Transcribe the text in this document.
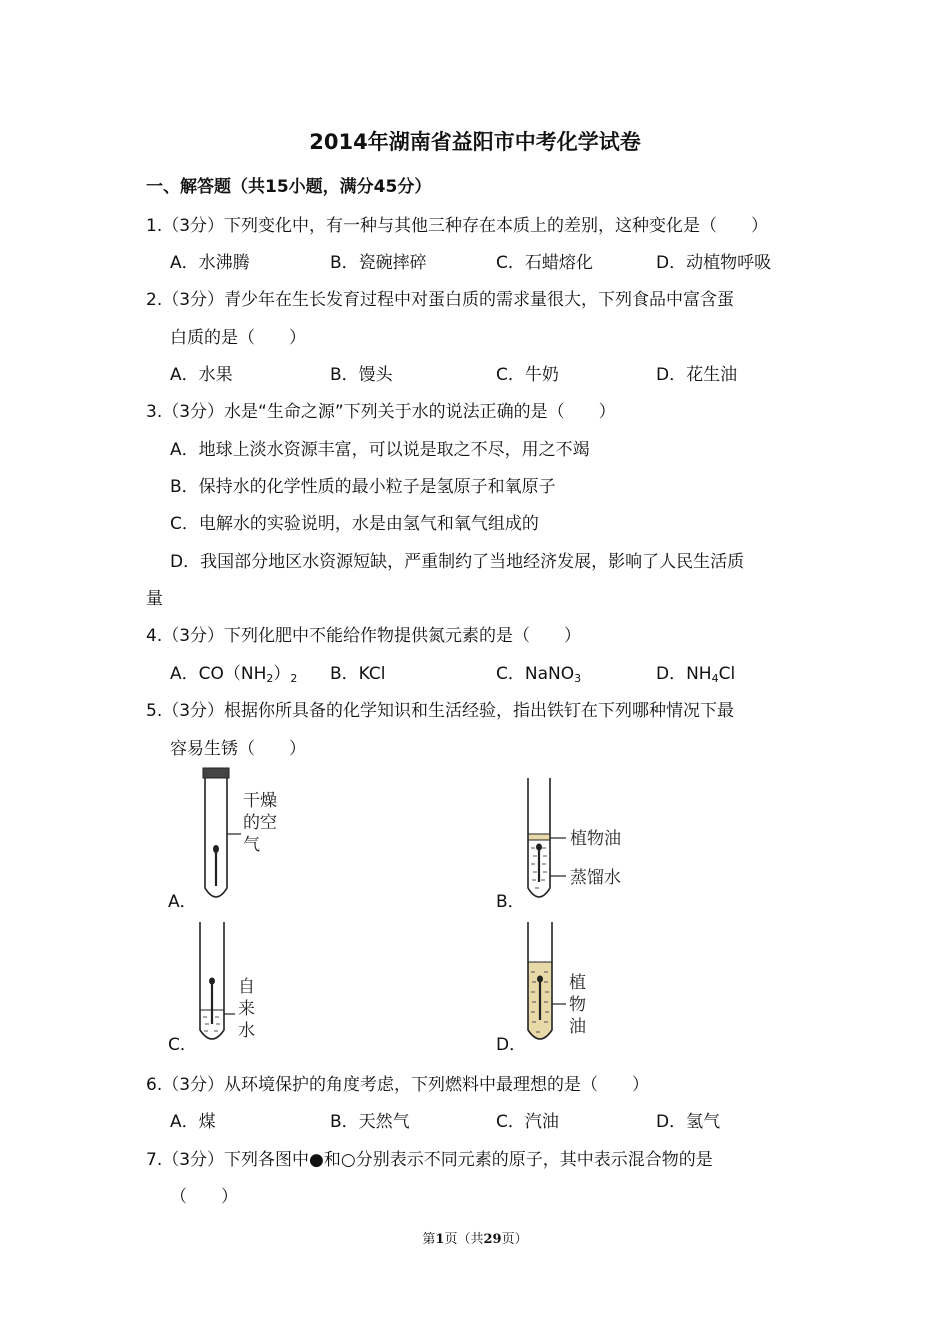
2014年湖南省益阳市中考化学试卷
一、解答题（共15小题，满分45分）
1.（3分）下列变化中，有一种与其他三种存在本质上的差别，这种变化是（　　）
A．水沸腾	B．瓷碗摔碎	C．石蜡熔化	D．动植物呼吸
2.（3分）青少年在生长发育过程中对蛋白质的需求量很大，下列食品中富含蛋
白质的是（　　）
A．水果	B．馒头	C．牛奶	D．花生油
3.（3分）水是“生命之源”下列关于水的说法正确的是（　　）
A．地球上淡水资源丰富，可以说是取之不尽，用之不竭
B．保持水的化学性质的最小粒子是氢原子和氧原子
C．电解水的实验说明，水是由氢气和氧气组成的
D．我国部分地区水资源短缺，严重制约了当地经济发展，影响了人民生活质
量
4.（3分）下列化肥中不能给作物提供氮元素的是（　　）
A．$CO(NH_2)_2$ B．KCl	C．NaNO$_3$	D．$NH_4Cl$
5.（3分）根据你所具备的化学知识和生活经验，指出铁钉在下列哪种情况下最
容易生锈（　　）
A．
干燥
的空
气
B．
植物油
蒸馏水
C．
自
来
水
D．
植
物
油
6.（3分）从环境保护的角度考虑，下列燃料中最理想的是（　　）
A．煤	B．天然气	C．汽油	D．氢气
7.（3分）下列各图中●和○分别表示不同元素的原子，其中表示混合物的是
（　　）
第1页（共29页）
